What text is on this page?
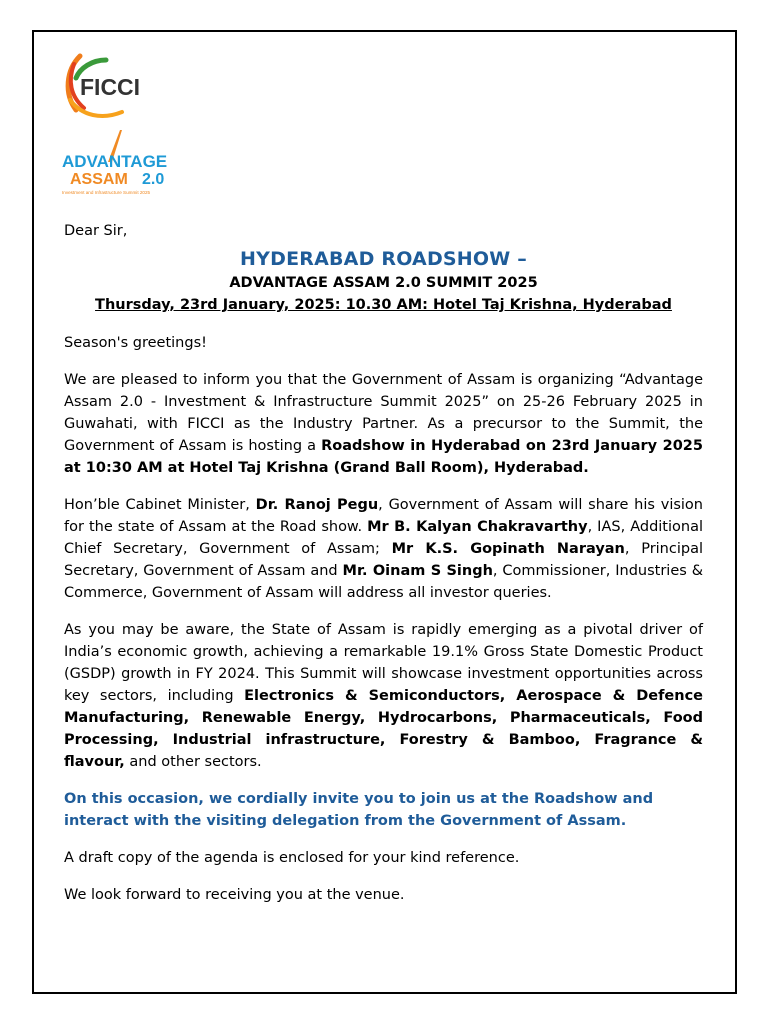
FICCI
ADVANTAGE
ASSAM 2.0
Investment and Infrastructure Summit 2025
Dear Sir,
HYDERABAD ROADSHOW –
ADVANTAGE ASSAM 2.0 SUMMIT 2025
Thursday, 23rd January, 2025: 10.30 AM: Hotel Taj Krishna, Hyderabad
Season's greetings!
We are pleased to inform you that the Government of Assam is organizing “Advantage Assam 2.0 - Investment & Infrastructure Summit 2025” on 25-26 February 2025 in Guwahati, with FICCI as the Industry Partner. As a precursor to the Summit, the Government of Assam is hosting a Roadshow in Hyderabad on 23rd January 2025 at 10:30 AM at Hotel Taj Krishna (Grand Ball Room), Hyderabad.
Hon’ble Cabinet Minister, Dr. Ranoj Pegu, Government of Assam will share his vision for the state of Assam at the Road show. Mr B. Kalyan Chakravarthy, IAS, Additional Chief Secretary, Government of Assam; Mr K.S. Gopinath Narayan, Principal Secretary, Government of Assam and Mr. Oinam S Singh, Commissioner, Industries & Commerce, Government of Assam will address all investor queries.
As you may be aware, the State of Assam is rapidly emerging as a pivotal driver of India’s economic growth, achieving a remarkable 19.1% Gross State Domestic Product (GSDP) growth in FY 2024. This Summit will showcase investment opportunities across key sectors, including Electronics & Semiconductors, Aerospace & Defence Manufacturing, Renewable Energy, Hydrocarbons, Pharmaceuticals, Food Processing, Industrial infrastructure, Forestry & Bamboo, Fragrance & flavour, and other sectors.
On this occasion, we cordially invite you to join us at the Roadshow and interact with the visiting delegation from the Government of Assam.
A draft copy of the agenda is enclosed for your kind reference.
We look forward to receiving you at the venue.
